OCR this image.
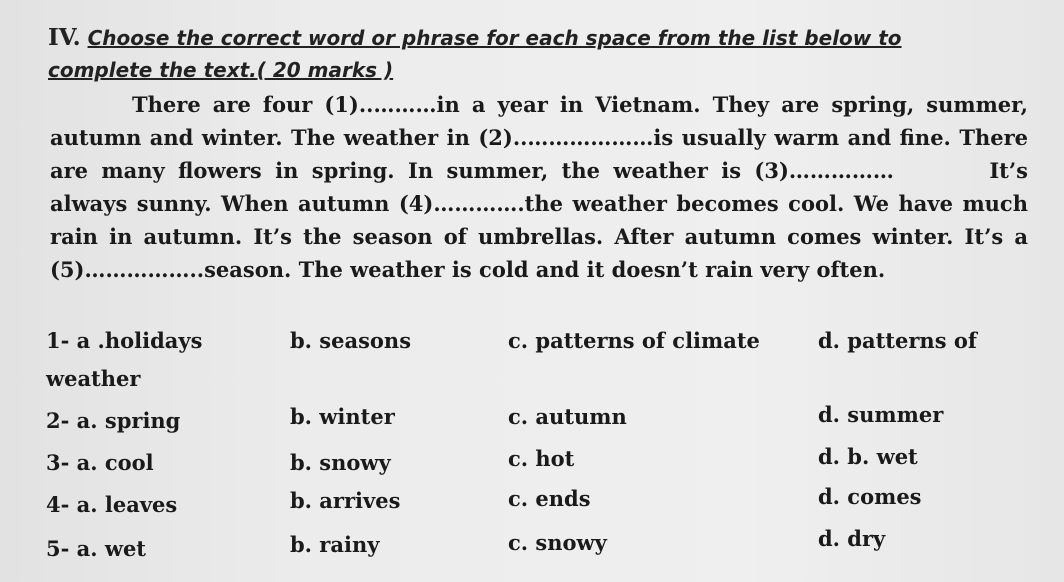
IV. Choose the correct word or phrase for each space from the list below to
complete the text.( 20 marks )
There are four (1)..………in a year in Vietnam. They are spring, summer, autumn and winter. The weather in (2)..………………is usually warm and fine. There are many flowers in spring. In summer, the weather is (3)……………	It’s always sunny. When autumn (4)………….the weather becomes cool. We have much rain in autumn. It’s the season of umbrellas. After autumn comes winter. It’s a (5)……………..season. The weather is cold and it doesn’t rain very often.
1- a .holidays	b. seasons	c. patterns of climate	d. patterns of
weather
2- a. spring	b. winter	c. autumn	d. summer
3- a. cool	b. snowy	c. hot	d. b. wet
4- a. leaves	b. arrives	c. ends	d. comes
5- a. wet	b. rainy	c. snowy	d. dry
